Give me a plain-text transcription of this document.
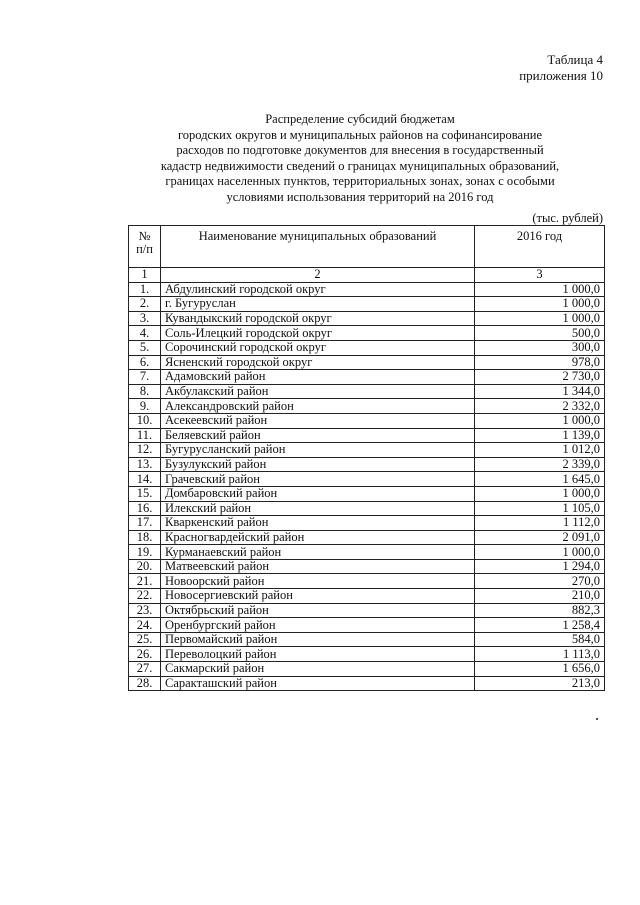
Таблица 4
приложения 10
Распределение субсидий бюджетам
городских округов и муниципальных районов на софинансирование
расходов по подготовке документов для внесения в государственный
кадастр недвижимости сведений о границах муниципальных образований,
границах населенных пунктов, территориальных зонах, зонах с особыми
условиями использования территорий на 2016 год
(тыс. рублей)
№
п/п	Наименование муниципальных образований	2016 год
1	2	3
1.	Абдулинский городской округ	1 000,0
2.	г. Бугуруслан	1 000,0
3.	Кувандыкский городской округ	1 000,0
4.	Соль-Илецкий городской округ	500,0
5.	Сорочинский городской округ	300,0
6.	Ясненский городской округ	978,0
7.	Адамовский район	2 730,0
8.	Акбулакский район	1 344,0
9.	Александровский район	2 332,0
10.	Асекеевский район	1 000,0
11.	Беляевский район	1 139,0
12.	Бугурусланский район	1 012,0
13.	Бузулукский район	2 339,0
14.	Грачевский район	1 645,0
15.	Домбаровский район	1 000,0
16.	Илекский район	1 105,0
17.	Кваркенский район	1 112,0
18.	Красногвардейский район	2 091,0
19.	Курманаевский район	1 000,0
20.	Матвеевский район	1 294,0
21.	Новоорский район	270,0
22.	Новосергиевский район	210,0
23.	Октябрьский район	882,3
24.	Оренбургский район	1 258,4
25.	Первомайский район	584,0
26.	Переволоцкий район	1 113,0
27.	Сакмарский район	1 656,0
28.	Саракташский район	213,0
